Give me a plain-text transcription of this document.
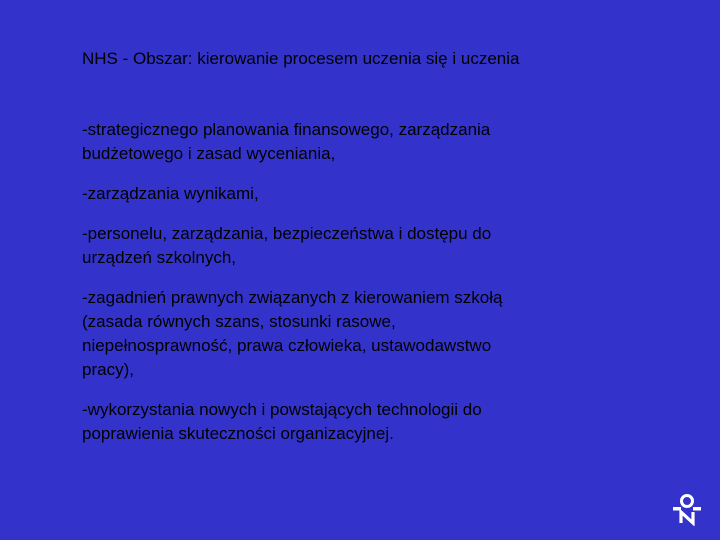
NHS - Obszar: kierowanie procesem uczenia się i uczenia
-strategicznego planowania finansowego, zarządzania
budżetowego i zasad wyceniania,
-zarządzania wynikami,
-personelu, zarządzania, bezpieczeństwa i dostępu do
urządzeń szkolnych,
-zagadnień prawnych związanych z kierowaniem szkołą
(zasada równych szans, stosunki rasowe,
niepełnosprawność, prawa człowieka, ustawodawstwo
pracy),
-wykorzystania nowych i powstających technologii do
poprawienia skuteczności organizacyjnej.
